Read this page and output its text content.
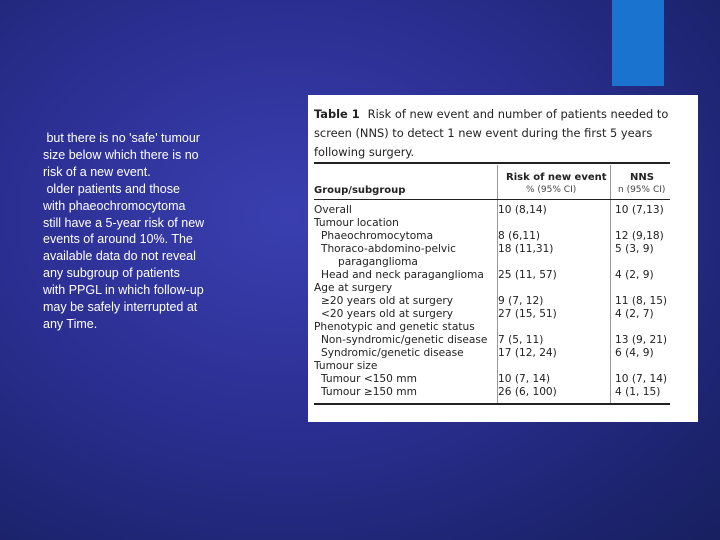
but there is no 'safe' tumour size below which there is no risk of a new event.

older patients and those with phaeochromocytoma still have a 5-year risk of new events of around 10%. The available data do not reveal any subgroup of patients with PPGL in which follow-up may be safely interrupted at any Time.

Table 1 Risk of new event and number of patients needed to screen (NNS) to detect 1 new event during the first 5 years following surgery.
Group/subgroup
Risk of new event
% (95% CI)
NNS
n (95% CI)
Overall	10 (8,14)	10 (7,13)
Tumour location
Phaeochromocytoma	8 (6,11)	12 (9,18)
Thoraco-abdomino-pelvic	18 (11,31)	5 (3, 9)
paraganglioma
Head and neck paraganglioma 25 (11, 57)	4 (2, 9)
Age at surgery
≥20 years old at surgery	9 (7, 12)	11 (8, 15)
<20 years old at surgery	27 (15, 51)	4 (2, 7)
Phenotypic and genetic status
Non-syndromic/genetic disease 7 (5, 11)	13 (9, 21)
Syndromic/genetic disease	17 (12, 24)	6 (4, 9)
Tumour size
Tumour <150 mm	10 (7, 14)	10 (7, 14)
Tumour ≥150 mm	26 (6, 100)	4 (1, 15)
